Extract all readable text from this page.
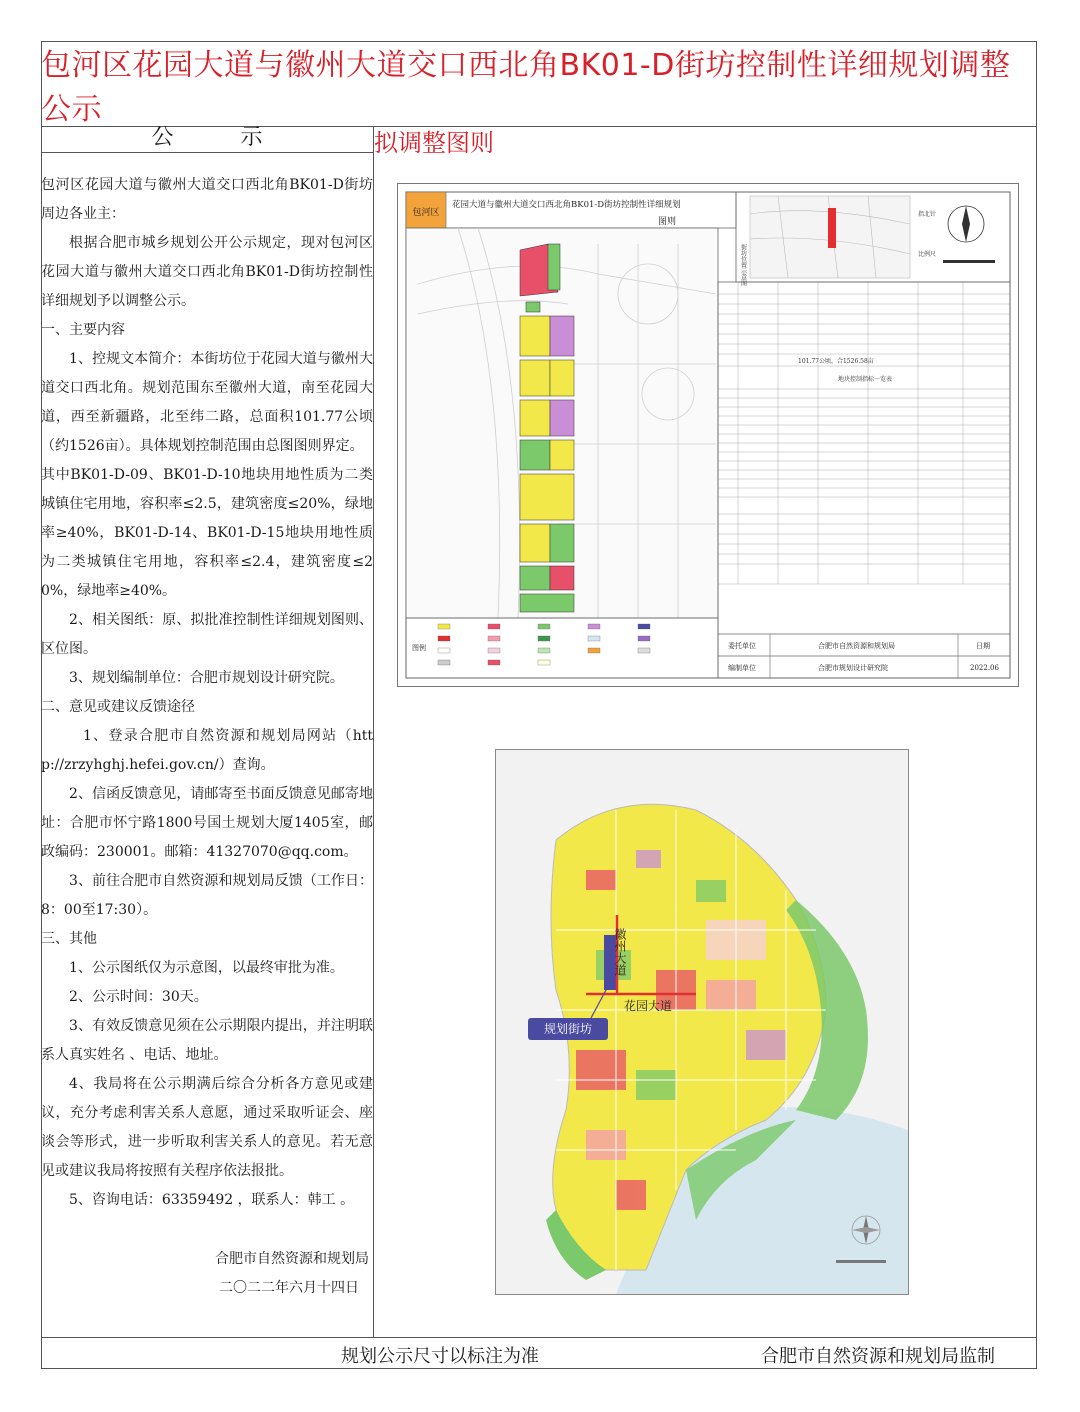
包河区花园大道与徽州大道交口西北角BK01-D街坊控制性详细规划调整公示
公 示

包河区花园大道与徽州大道交口西北角BK01-D街坊周边各业主：

根据合肥市城乡规划公开公示规定，现对包河区花园大道与徽州大道交口西北角BK01-D街坊控制性详细规划予以调整公示。

一、主要内容

1、控规文本简介：本街坊位于花园大道与徽州大道交口西北角。规划范围东至徽州大道，南至花园大道，西至新疆路，北至纬二路，总面积101.77公顷（约1526亩）。具体规划控制范围由总图图则界定。

其中BK01-D-09、BK01-D-10地块用地性质为二类城镇住宅用地，容积率≤2.5，建筑密度≤20%，绿地率≥40%，BK01-D-14、BK01-D-15地块用地性质为二类城镇住宅用地，容积率≤2.4，建筑密度≤20%，绿地率≥40%。

2、相关图纸：原、拟批准控制性详细规划图则、区位图。

3、规划编制单位：合肥市规划设计研究院。

二、意见或建议反馈途径

1、登录合肥市自然资源和规划局网站（http://zrzyhghj.hefei.gov.cn/）查询。

2、信函反馈意见，请邮寄至书面反馈意见邮寄地址：合肥市怀宁路1800号国土规划大厦1405室，邮政编码：230001。邮箱：41327070@qq.com。

3、前往合肥市自然资源和规划局反馈（工作日：8：00至17:30）。

三、其他

1、公示图纸仅为示意图，以最终审批为准。

2、公示时间：30天。

3、有效反馈意见须在公示期限内提出，并注明联系人真实姓名 、电话、地址。

4、我局将在公示期满后综合分析各方意见或建议，充分考虑利害关系人意愿，通过采取听证会、座谈会等形式，进一步听取利害关系人的意见。若无意见或建议我局将按照有关程序依法报批。

5、咨询电话：63359492 ，联系人：韩工 。

合肥市自然资源和规划局

二〇二二年六月十四日

拟调整图则
包河区
花园大道与徽州大道交口西北角BK01-D街坊控制性详细规划
图则
街坊位置示意图
指北针
比例尺
图例
101.77公顷，合1526.58亩
地块控制指标一览表
委托单位	合肥市自然资源和规划局	日期
编制单位	合肥市规划设计研究院	2022.06
徽州大道
花园大道
规划街坊
规划公示尺寸以标注为准	合肥市自然资源和规划局监制
